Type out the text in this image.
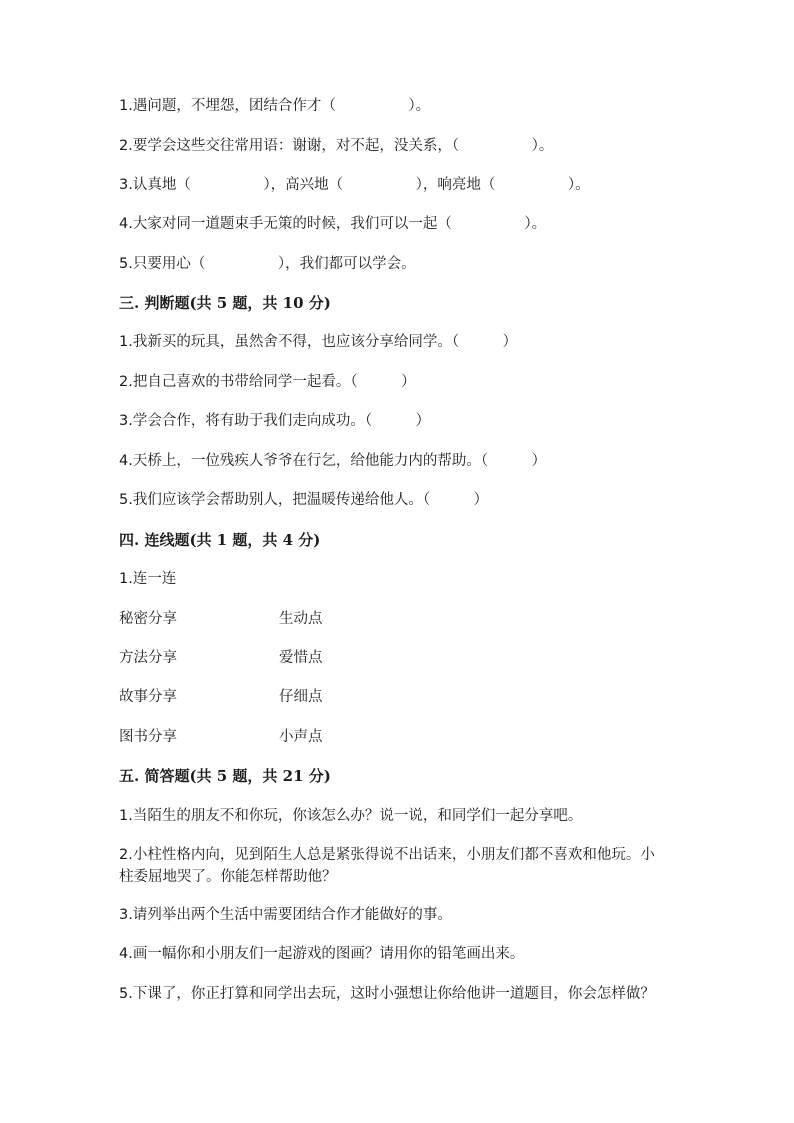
1.遇问题，不埋怨，团结合作才（　　　　　）。
2.要学会这些交往常用语：谢谢，对不起，没关系，（　　　　　）。
3.认真地（　　　　　），高兴地（　　　　　），响亮地（　　　　　）。
4.大家对同一道题束手无策的时候，我们可以一起（　　　　　）。
5.只要用心（　　　　　），我们都可以学会。
三. 判断题(共 5 题，共 10 分)
1.我新买的玩具，虽然舍不得，也应该分享给同学。（　　　）
2.把自己喜欢的书带给同学一起看。（　　　）
3.学会合作，将有助于我们走向成功。（　　　）
4.天桥上，一位残疾人爷爷在行乞，给他能力内的帮助。（　　　）
5.我们应该学会帮助别人，把温暖传递给他人。（　　　）
四. 连线题(共 1 题，共 4 分)
1.连一连
秘密分享	生动点
方法分享	爱惜点
故事分享	仔细点
图书分享	小声点
五. 简答题(共 5 题，共 21 分)
1.当陌生的朋友不和你玩，你该怎么办？说一说，和同学们一起分享吧。
2.小柱性格内向，见到陌生人总是紧张得说不出话来，小朋友们都不喜欢和他玩。小柱委屈地哭了。你能怎样帮助他？
3.请列举出两个生活中需要团结合作才能做好的事。
4.画一幅你和小朋友们一起游戏的图画？请用你的铅笔画出来。
5.下课了，你正打算和同学出去玩，这时小强想让你给他讲一道题目，你会怎样做？
